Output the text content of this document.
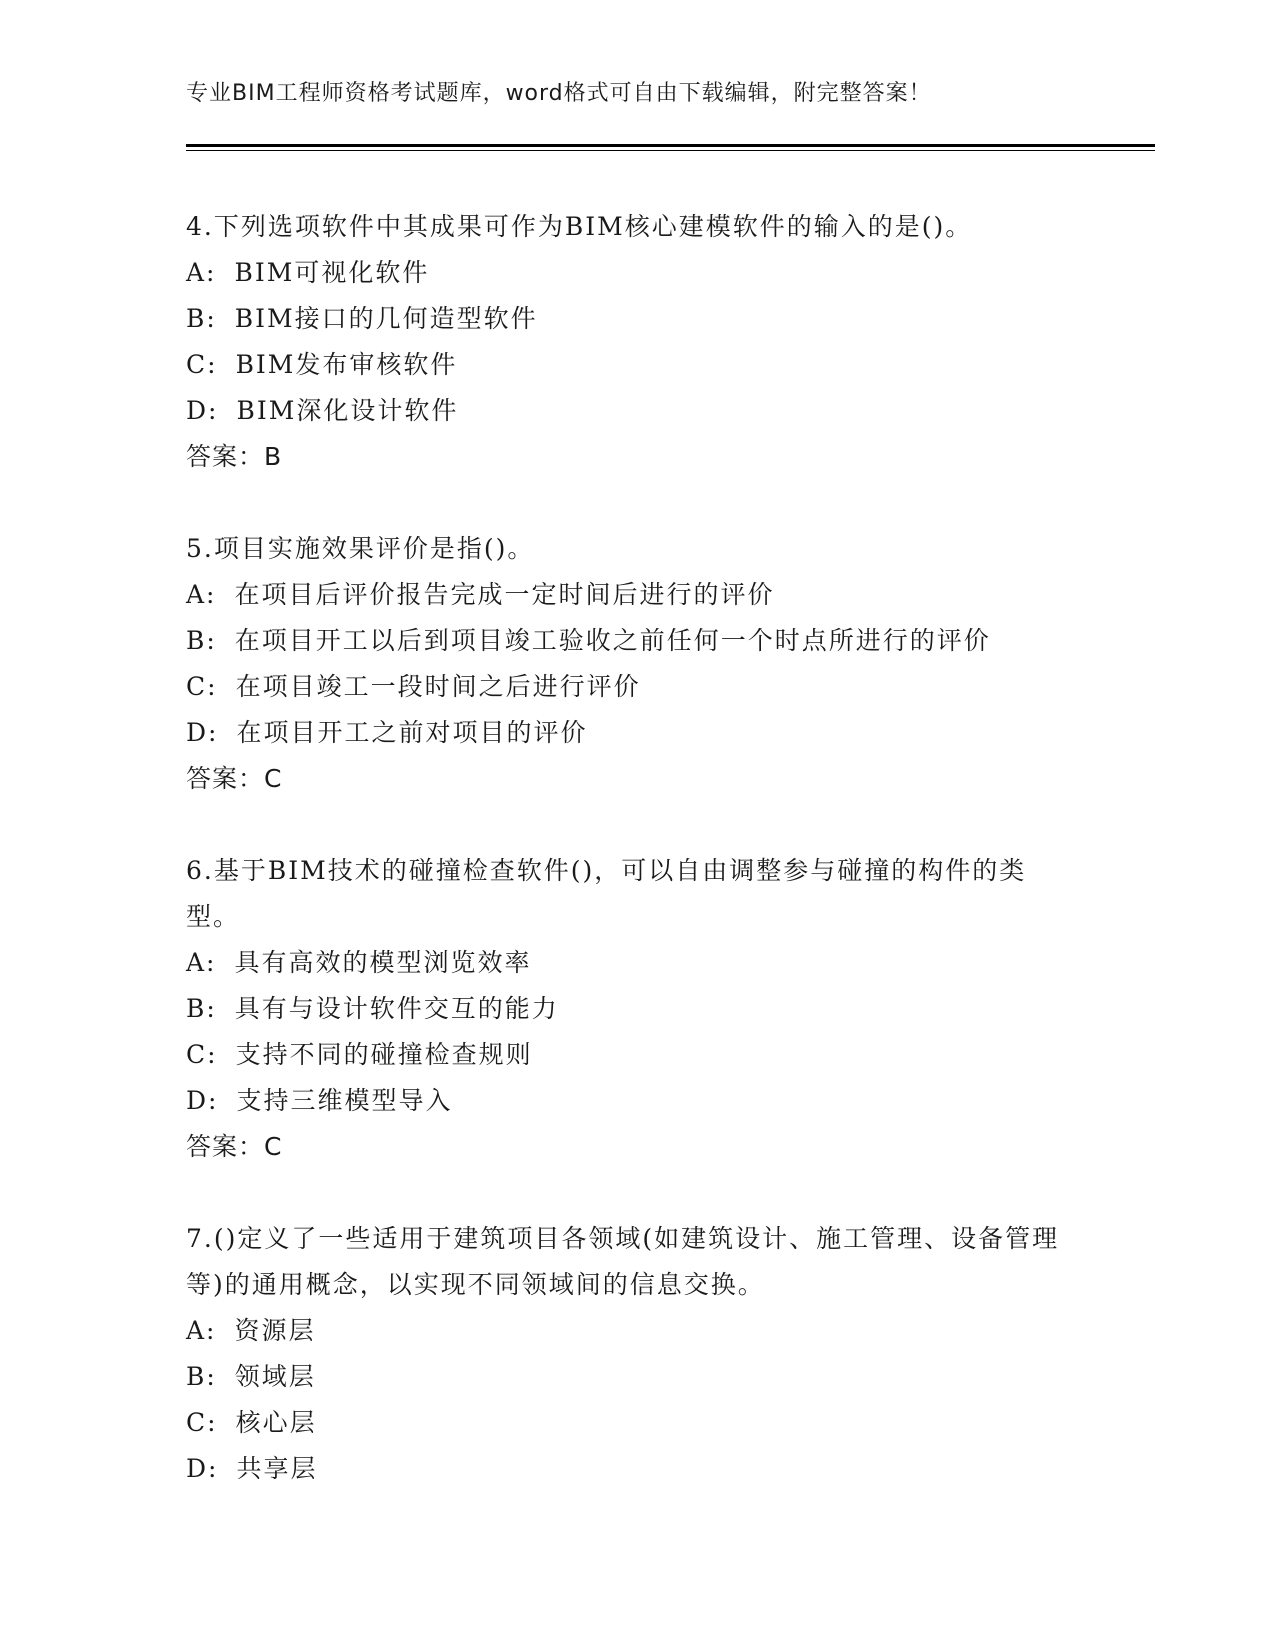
专业BIM工程师资格考试题库，word格式可自由下载编辑，附完整答案！
4.下列选项软件中其成果可作为BIM核心建模软件的输入的是()。
A: BIM可视化软件
B: BIM接口的几何造型软件
C: BIM发布审核软件
D: BIM深化设计软件
答案：B
5.项目实施效果评价是指()。
A: 在项目后评价报告完成一定时间后进行的评价
B: 在项目开工以后到项目竣工验收之前任何一个时点所进行的评价
C: 在项目竣工一段时间之后进行评价
D: 在项目开工之前对项目的评价
答案：C
6.基于BIM技术的碰撞检查软件()，可以自由调整参与碰撞的构件的类型。
A: 具有高效的模型浏览效率
B: 具有与设计软件交互的能力
C: 支持不同的碰撞检查规则
D: 支持三维模型导入
答案：C
7.()定义了一些适用于建筑项目各领域(如建筑设计、施工管理、设备管理等)的通用概念，以实现不同领域间的信息交换。
A: 资源层
B: 领域层
C: 核心层
D: 共享层
